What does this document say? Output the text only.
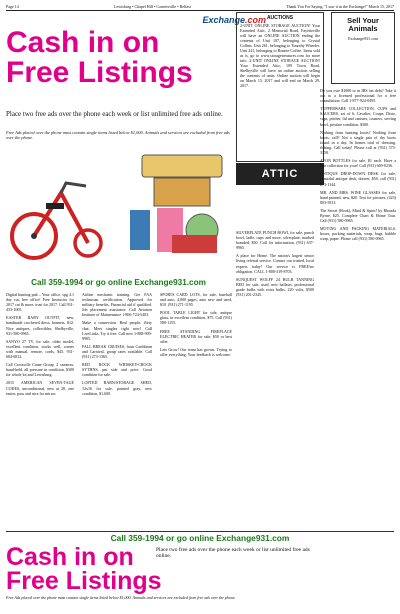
Page 14	Lewisburg • Chapel Hill • Cornersville • Belfast	Thank You For Saying, "I saw it in the Exchange!" March 15, 2017
Exchange.com
Cash in on
Free Listings
Place two free ads over the phone each week or list unlimited free ads online.
Free Ads placed over the phone must contain single items listed below $1,000. Animals and services are excluded from free ads over the phone.
Sell Your Animals
Exchange931.com
AUCTIONS
2-UNIT ONLINE STORAGE AUCTION! Your Extended Attic, 2 Memorial Road, Fayetteville will have an ONLINE AUCTION ending the contents of Unit 107, belonging to Crystal Collins. Unit 261, belonging to Timothy Wheeler. Unit 241, belonging to Ronnie Coffee. Items sold as is, go to www.storagetreasures.com for more info. 2-UNIT ONLINE STORAGE AUCTION! Your Extended Attic, 109 Town Road, Shelbyville will have an online auction selling the contents of units. Online auction will begin on March 15, 2017 and will end on March 29, 2017.
ATTIC
Call 359-1994 or go online Exchange931.com

Digital hunting pub – Your office, spg 4.1 day cut, free office! Free Instructor for 2017 cut & more, trust for 2017. Call 931-433-1005.

EASTER BABY OUTFIT, new, handmade crocheted dress, bonnets, $12. Nice antiques, collectibles, Shelbyville, 931-580-0965.

SANYO 27 TV, for sale, older model, excellent condition, works well, comes with manual, remote, cords, $45. 931-684-6812.

Call Crossville Crane Group. 2 cameras, hand-held, all pressure in condition, $300 for whole lot and Lewisburg.

2015 AMERICAN SEVEN-TAGE CODES, unconditional, new at 20, one easier, pass and nice for mirror.

Airline mechanic training. Get FAA technician certification. Approved for military benefits. Financial aid if qualified. Job placement assistance. Call Aviation Institute of Maintenance 1-866-724-5403.

Make a connection. Real people, flirty chat. Meet singles right now! Call LiveLinks. Try it free. Call now 1-888-909-9905.

FALL BREAK CRUISES, from Caribbean and Carnival, group rates available. Call (931) 273-1365.

RED ROCK WHISKEY-CROCK SYTHNS, pm side and price. Good condition for sale.

LOFTED BARN/STORAGE SHED, 12x16 for sale, painted gray, new condition, $1,600.

SPORTS CARD LOTS, for sale, baseball and auto, 4,000 pages, auto new and used, $10. (931) 271-1195.

POOL TABLE LIGHT for sale, antique glass, in excellent condition, $75. Call (931) 580-1155.

FREE STANDING FIREPLACE ELECTRIC HEATER for sale, $50 or best offer.

Lets Grow! Our team has grown. Trying to offer everything. Your feedback is welcome.

SILVERPLATE PUNCH BOWL for sale, punch bowl, ladle, cups and more, silverplate, marked branded, $50. Call for information, (931) 637-9965.

A place for Home. The nation's largest senior living referral service. Contact our trusted, local experts today! Our service is FREE/no obligation. CALL 1-800-319-8703.

SUNQUEST WOLFF 24 BULB TANNING BED for sale, used, new ballasts, professional grade bulbs with extra bulbs, 220 volts, $500 (931) 201-2345.

Do you owe $1000 or in IRS tax debt? Take it out to a licensed professional for a free consultation. Call 1-877-924-0495.

TUPPERWARE COLLECTION, CUPS and SAUCERS, set of 6, Cavalier, Coupe, Dixie, cups, pitcher, lid and canister, coasters, serving bowl, pristine condition, $300.

Nothing from hunting boots? Nothing from boots, call? Not a single pair of dry boots found in a day. In homes trial of dressing, fishing. Call today! Please call at (931) 375-3358.

AVON BOTTLES for sale, $1 each. Have a fine collection for your! Call (931) 669-0236.

ANTIQUE DROP-DOWN DESK for sale, beautiful antique desk, drawer, $50, call (931) 273-1144.

MR. AND MRS. WINE GLASSES for sale, hand painted, new, $20. Text for pictures, (423) 803-5813.

The Secret (Book), Mind & Spirit! by Rhonda Byrne, $25. Complete Chart & Home Tour. Call (931) 580-0965.

MOVING AND PACKING MATERIALS, boxes, packing materials, wrap, bags, bubble wrap, paper. Please call (931) 580-0965.

Call 359-1994 or go online Exchange931.com
Cash in on
Free Listings
Place two free ads over the phone each week or list unlimited free ads online.
Free Ads placed over the phone must contain single items listed below $1,000. Animals and services are excluded from free ads over the phone.
